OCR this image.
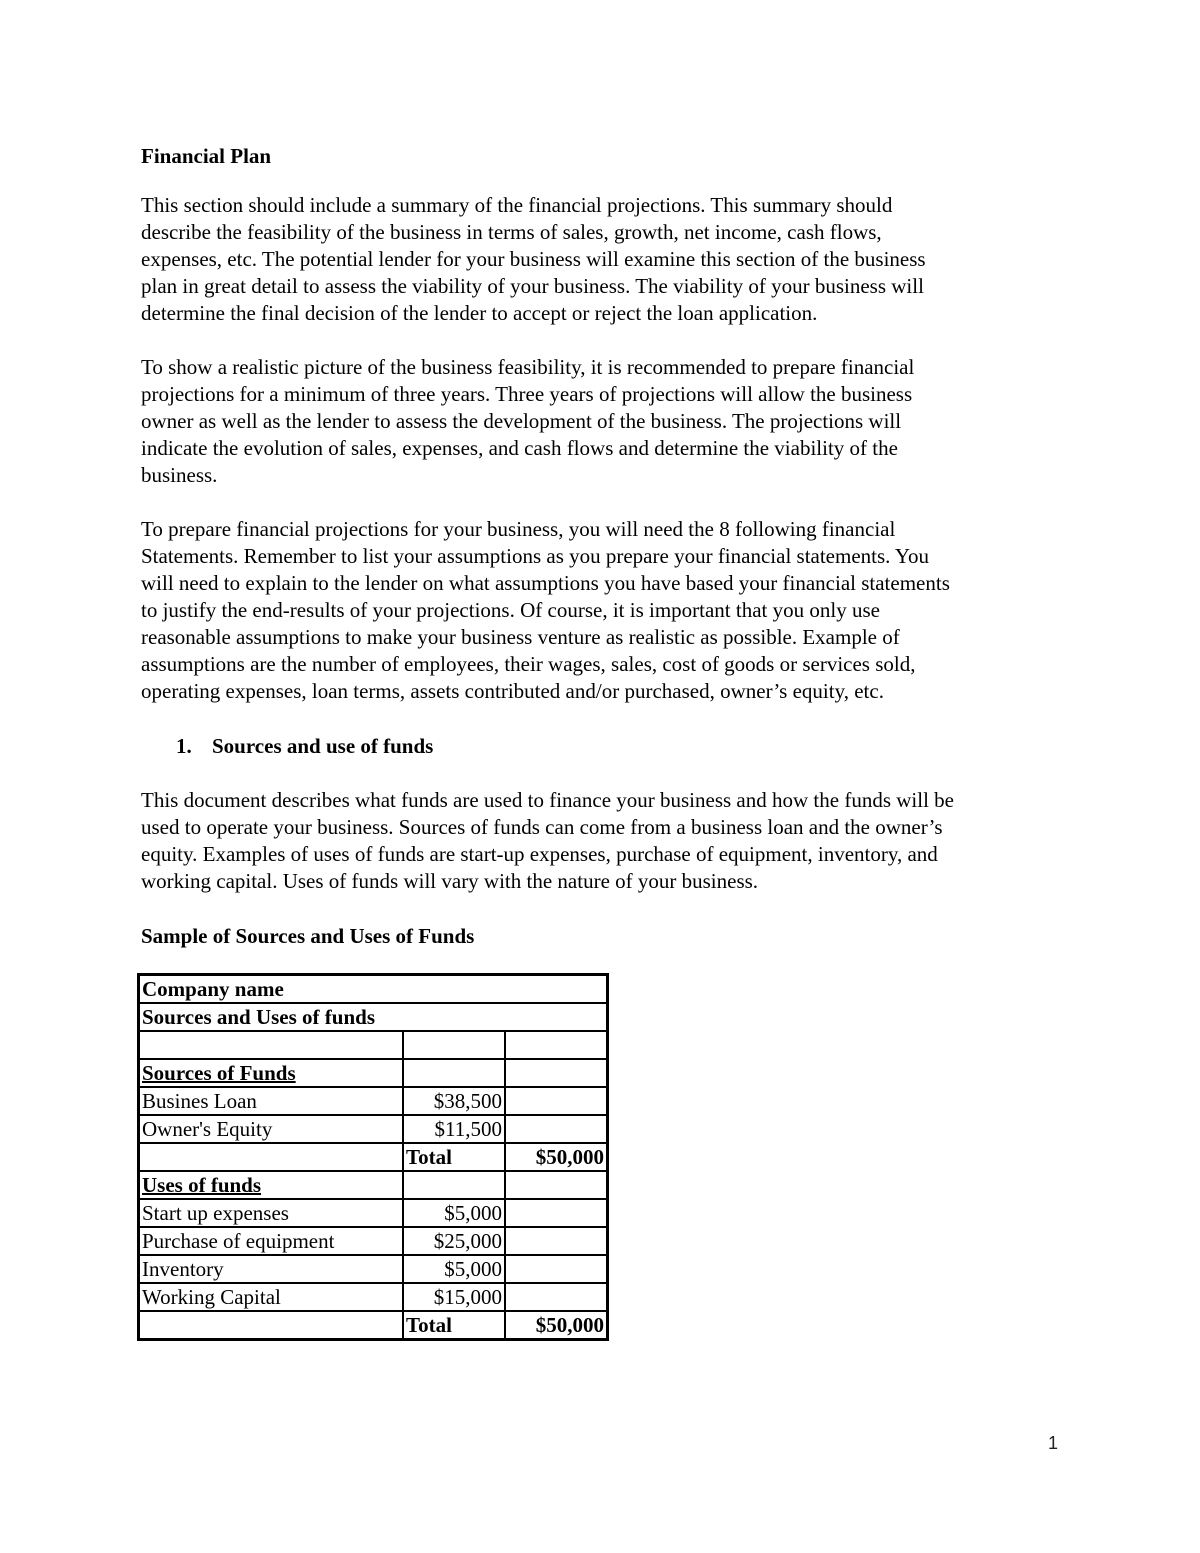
Financial Plan

This section should include a summary of the financial projections. This summary should
describe the feasibility of the business in terms of sales, growth, net income, cash flows,
expenses, etc. The potential lender for your business will examine this section of the business
plan in great detail to assess the viability of your business. The viability of your business will
determine the final decision of the lender to accept or reject the loan application.

To show a realistic picture of the business feasibility, it is recommended to prepare financial
projections for a minimum of three years. Three years of projections will allow the business
owner as well as the lender to assess the development of the business. The projections will
indicate the evolution of sales, expenses, and cash flows and determine the viability of the
business.

To prepare financial projections for your business, you will need the 8 following financial
Statements. Remember to list your assumptions as you prepare your financial statements. You
will need to explain to the lender on what assumptions you have based your financial statements
to justify the end-results of your projections. Of course, it is important that you only use
reasonable assumptions to make your business venture as realistic as possible. Example of
assumptions are the number of employees, their wages, sales, cost of goods or services sold,
operating expenses, loan terms, assets contributed and/or purchased, owner’s equity, etc.

1. Sources and use of funds

This document describes what funds are used to finance your business and how the funds will be
used to operate your business. Sources of funds can come from a business loan and the owner’s
equity. Examples of uses of funds are start-up expenses, purchase of equipment, inventory, and
working capital. Uses of funds will vary with the nature of your business.

Sample of Sources and Uses of Funds
Company name		
Sources and Uses of funds		

Sources of Funds		
Busines Loan	$38,500	
Owner's Equity	$11,500	
	Total	$50,000
Uses of funds		
Start up expenses	$5,000	
Purchase of equipment	$25,000	
Inventory	$5,000	
Working Capital	$15,000	
	Total	$50,000
1
